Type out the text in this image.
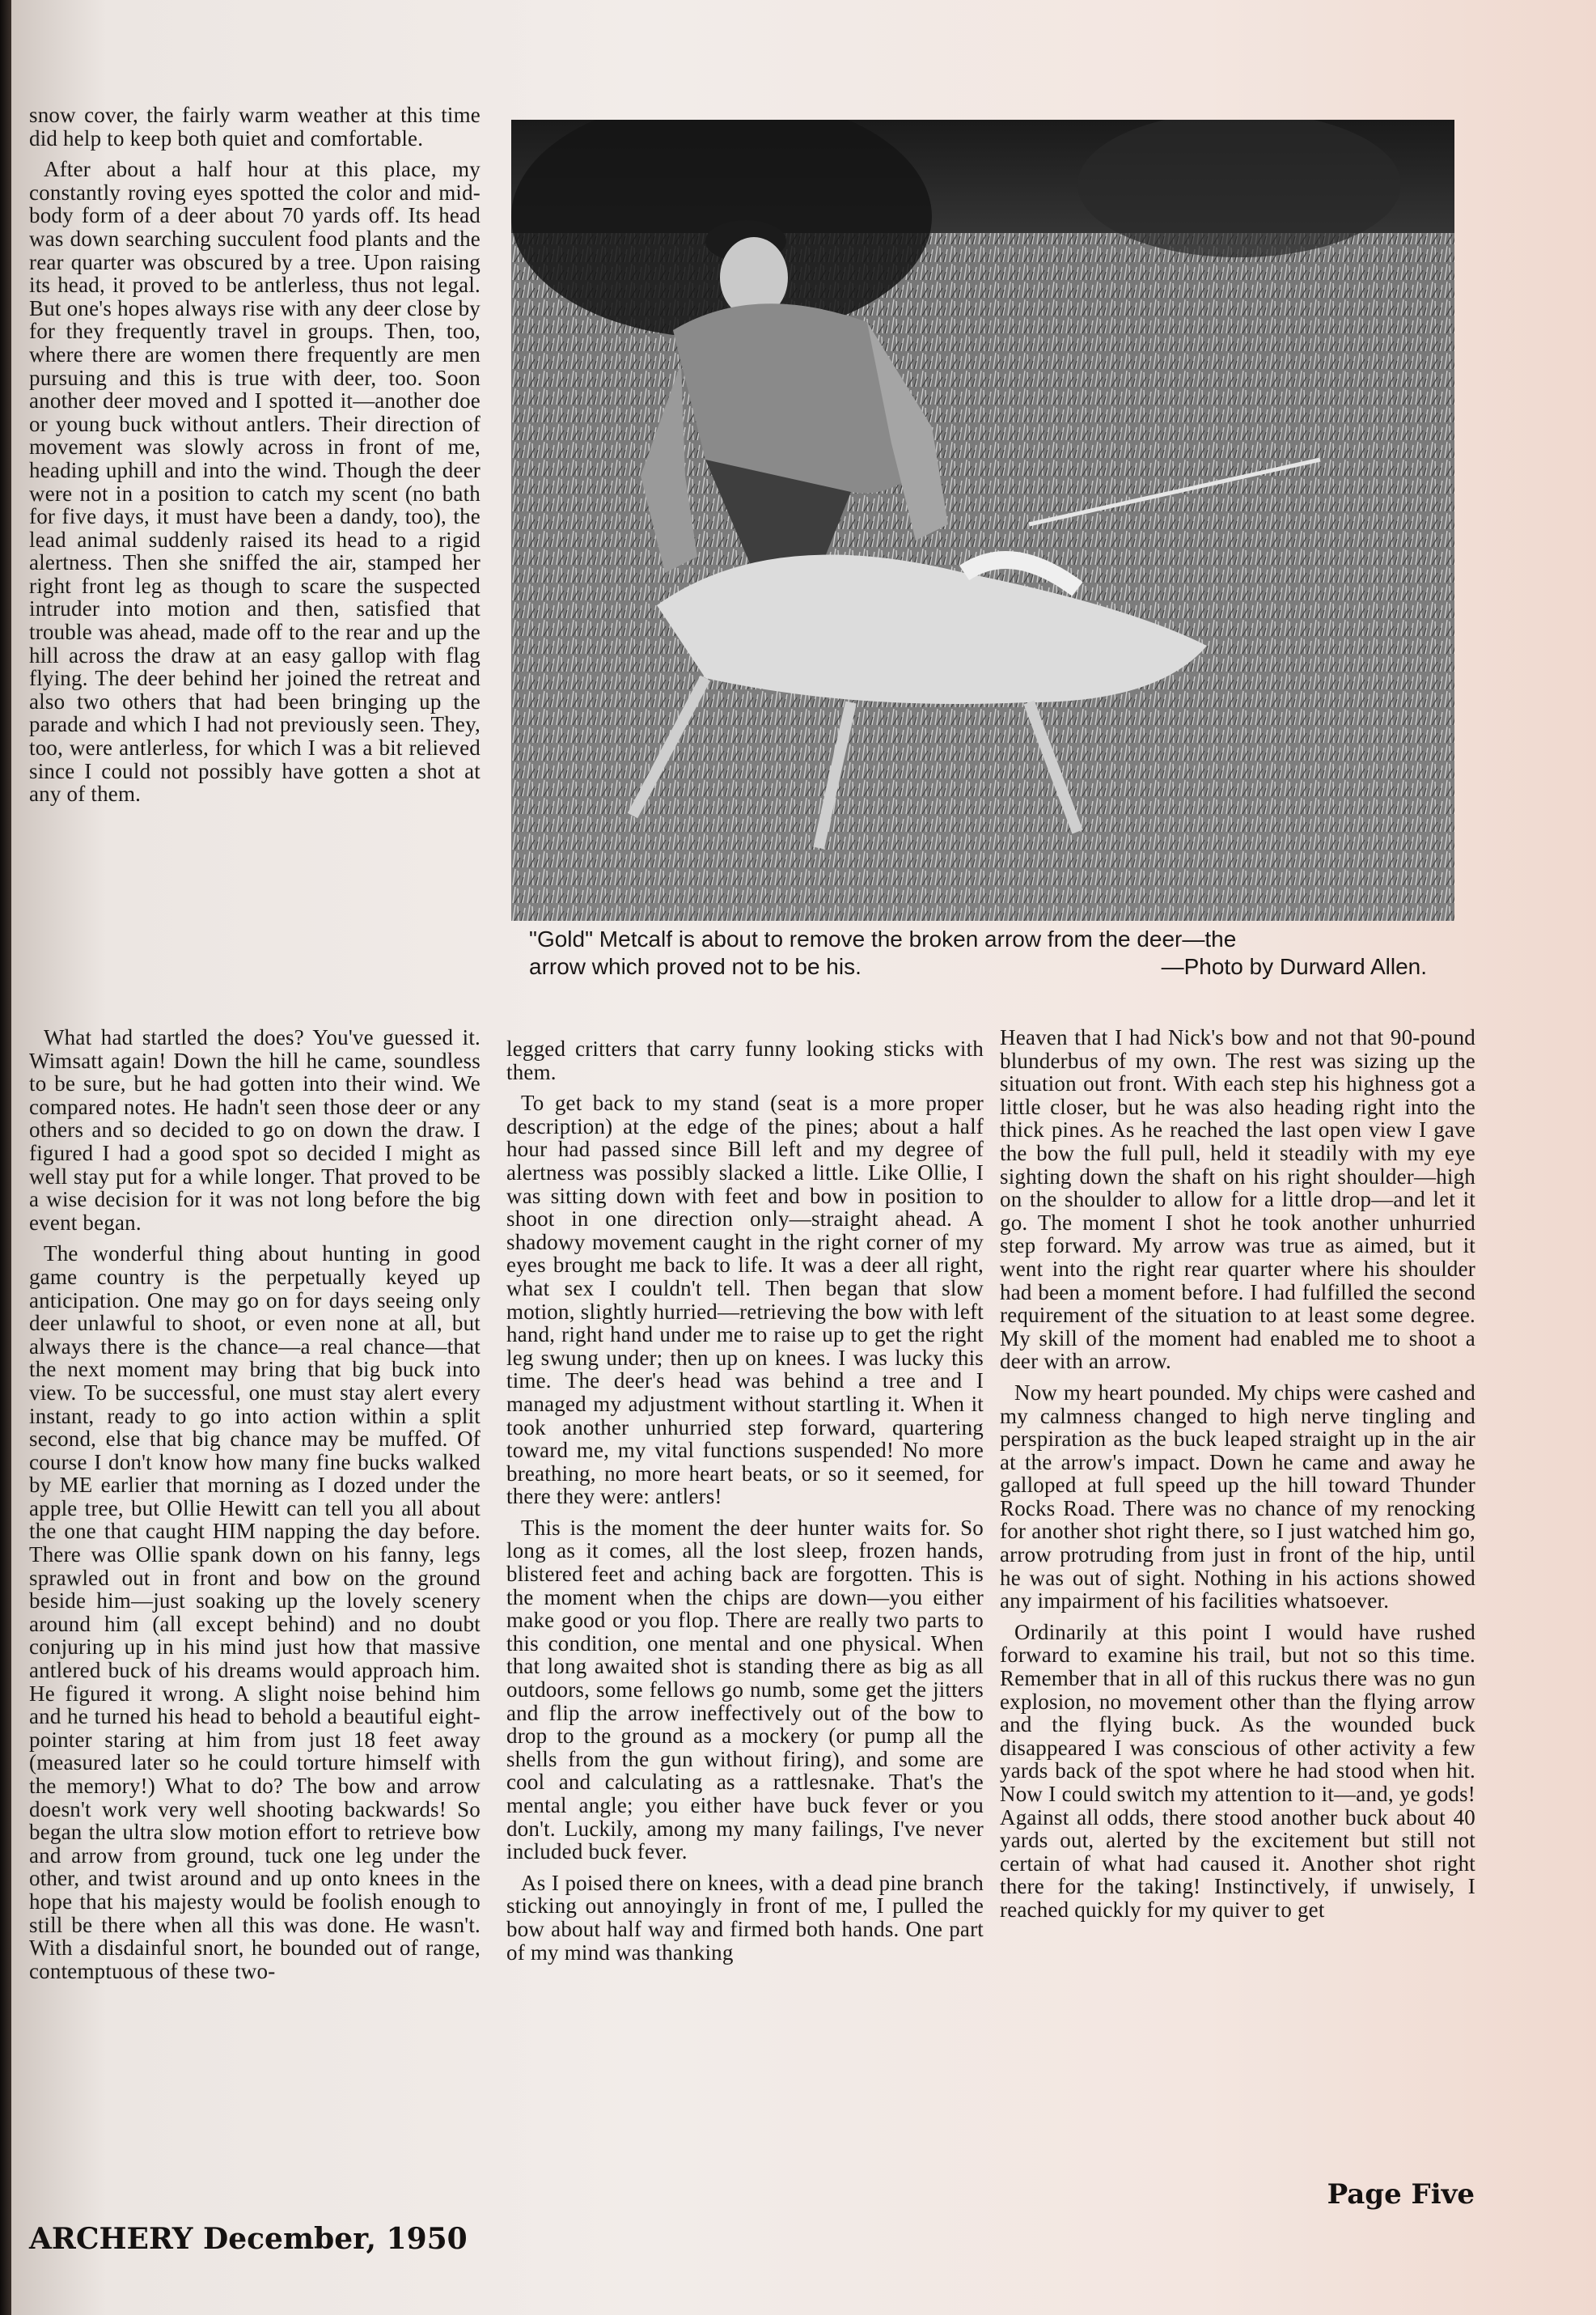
snow cover, the fairly warm weather at this time did help to keep both quiet and comfortable.

After about a half hour at this place, my constantly roving eyes spotted the color and mid-body form of a deer about 70 yards off. Its head was down searching succulent food plants and the rear quarter was obscured by a tree. Upon raising its head, it proved to be antlerless, thus not legal. But one's hopes always rise with any deer close by for they frequently travel in groups. Then, too, where there are women there frequently are men pursuing and this is true with deer, too. Soon another deer moved and I spotted it—another doe or young buck without antlers. Their direction of movement was slowly across in front of me, heading uphill and into the wind. Though the deer were not in a position to catch my scent (no bath for five days, it must have been a dandy, too), the lead animal suddenly raised its head to a rigid alertness. Then she sniffed the air, stamped her right front leg as though to scare the suspected intruder into motion and then, satisfied that trouble was ahead, made off to the rear and up the hill across the draw at an easy gallop with flag flying. The deer behind her joined the retreat and also two others that had been bringing up the parade and which I had not previously seen. They, too, were antlerless, for which I was a bit relieved since I could not possibly have gotten a shot at any of them.

"Gold" Metcalf is about to remove the broken arrow from the deer—the
arrow which proved not to be his.	—Photo by Durward Allen.

What had startled the does? You've guessed it. Wimsatt again! Down the hill he came, soundless to be sure, but he had gotten into their wind. We compared notes. He hadn't seen those deer or any others and so decided to go on down the draw. I figured I had a good spot so decided I might as well stay put for a while longer. That proved to be a wise decision for it was not long before the big event began.

The wonderful thing about hunting in good game country is the perpetually keyed up anticipation. One may go on for days seeing only deer unlawful to shoot, or even none at all, but always there is the chance—a real chance—that the next moment may bring that big buck into view. To be successful, one must stay alert every instant, ready to go into action within a split second, else that big chance may be muffed. Of course I don't know how many fine bucks walked by ME earlier that morning as I dozed under the apple tree, but Ollie Hewitt can tell you all about the one that caught HIM napping the day before. There was Ollie spank down on his fanny, legs sprawled out in front and bow on the ground beside him—just soaking up the lovely scenery around him (all except behind) and no doubt conjuring up in his mind just how that massive antlered buck of his dreams would approach him. He figured it wrong. A slight noise behind him and he turned his head to behold a beautiful eight-pointer staring at him from just 18 feet away (measured later so he could torture himself with the memory!) What to do? The bow and arrow doesn't work very well shooting backwards! So began the ultra slow motion effort to retrieve bow and arrow from ground, tuck one leg under the other, and twist around and up onto knees in the hope that his majesty would be foolish enough to still be there when all this was done. He wasn't. With a disdainful snort, he bounded out of range, contemptuous of these two-

legged critters that carry funny looking sticks with them.

To get back to my stand (seat is a more proper description) at the edge of the pines; about a half hour had passed since Bill left and my degree of alertness was possibly slacked a little. Like Ollie, I was sitting down with feet and bow in position to shoot in one direction only—straight ahead. A shadowy movement caught in the right corner of my eyes brought me back to life. It was a deer all right, what sex I couldn't tell. Then began that slow motion, slightly hurried—retrieving the bow with left hand, right hand under me to raise up to get the right leg swung under; then up on knees. I was lucky this time. The deer's head was behind a tree and I managed my adjustment without startling it. When it took another unhurried step forward, quartering toward me, my vital functions suspended! No more breathing, no more heart beats, or so it seemed, for there they were: antlers!

This is the moment the deer hunter waits for. So long as it comes, all the lost sleep, frozen hands, blistered feet and aching back are forgotten. This is the moment when the chips are down—you either make good or you flop. There are really two parts to this condition, one mental and one physical. When that long awaited shot is standing there as big as all outdoors, some fellows go numb, some get the jitters and flip the arrow ineffectively out of the bow to drop to the ground as a mockery (or pump all the shells from the gun without firing), and some are cool and calculating as a rattlesnake. That's the mental angle; you either have buck fever or you don't. Luckily, among my many failings, I've never included buck fever.

As I poised there on knees, with a dead pine branch sticking out annoyingly in front of me, I pulled the bow about half way and firmed both hands. One part of my mind was thanking

Heaven that I had Nick's bow and not that 90-pound blunderbus of my own. The rest was sizing up the situation out front. With each step his highness got a little closer, but he was also heading right into the thick pines. As he reached the last open view I gave the bow the full pull, held it steadily with my eye sighting down the shaft on his right shoulder—high on the shoulder to allow for a little drop—and let it go. The moment I shot he took another unhurried step forward. My arrow was true as aimed, but it went into the right rear quarter where his shoulder had been a moment before. I had fulfilled the second requirement of the situation to at least some degree. My skill of the moment had enabled me to shoot a deer with an arrow.

Now my heart pounded. My chips were cashed and my calmness changed to high nerve tingling and perspiration as the buck leaped straight up in the air at the arrow's impact. Down he came and away he galloped at full speed up the hill toward Thunder Rocks Road. There was no chance of my renocking for another shot right there, so I just watched him go, arrow protruding from just in front of the hip, until he was out of sight. Nothing in his actions showed any impairment of his facilities whatsoever.

Ordinarily at this point I would have rushed forward to examine his trail, but not so this time. Remember that in all of this ruckus there was no gun explosion, no movement other than the flying arrow and the flying buck. As the wounded buck disappeared I was conscious of other activity a few yards back of the spot where he had stood when hit. Now I could switch my attention to it—and, ye gods! Against all odds, there stood another buck about 40 yards out, alerted by the excitement but still not certain of what had caused it. Another shot right there for the taking! Instinctively, if unwisely, I reached quickly for my quiver to get

Page Five
ARCHERY December, 1950
